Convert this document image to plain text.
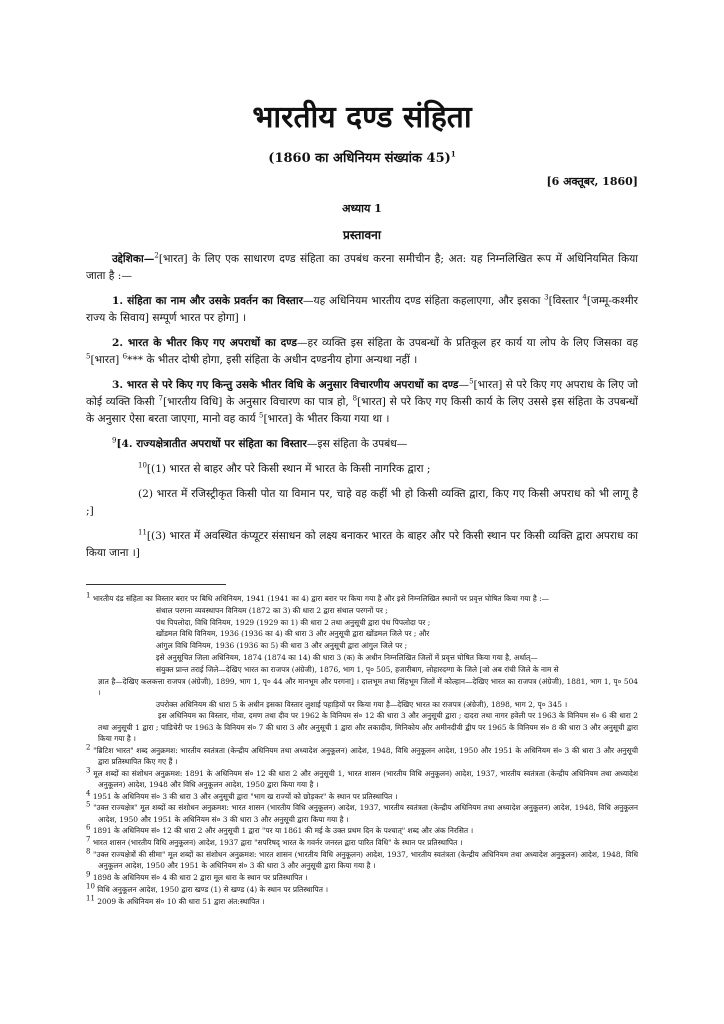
भारतीय दण्ड संहिता
(1860 का अधिनियम संख्यांक 45)$^1$
[6 अक्तूबर, 1860]
अध्याय 1
प्रस्तावना

उद्देशिका—$^2$[भारत] के लिए एक साधारण दण्ड संहिता का उपबंध करना समीचीन है; अत: यह निम्नलिखित रूप में अधिनियमित किया जाता है :—

1. संहिता का नाम और उसके प्रवर्तन का विस्तार—यह अधिनियम भारतीय दण्ड संहिता कहलाएगा, और इसका $^3$[विस्तार $^4$[जम्मू-कश्मीर राज्य के सिवाय] सम्पूर्ण भारत पर होगा] ।

2. भारत के भीतर किए गए अपराधों का दण्ड—हर व्यक्ति इस संहिता के उपबन्धों के प्रतिकूल हर कार्य या लोप के लिए जिसका वह $^5$[भारत] $^6$*** के भीतर दोषी होगा, इसी संहिता के अधीन दण्डनीय होगा अन्यथा नहीं ।

3. भारत से परे किए गए किन्तु उसके भीतर विधि के अनुसार विचारणीय अपराधों का दण्ड—$^5$[भारत] से परे किए गए अपराध के लिए जो कोई व्यक्ति किसी $^7$[भारतीय विधि] के अनुसार विचारण का पात्र हो, $^8$[भारत] से परे किए गए किसी कार्य के लिए उससे इस संहिता के उपबन्धों के अनुसार ऐसा बरता जाएगा, मानो वह कार्य $^5$[भारत] के भीतर किया गया था ।

$^9$[4. राज्यक्षेत्रातीत अपराधों पर संहिता का विस्तार—इस संहिता के उपबंध—

$^{10}$[(1) भारत से बाहर और परे किसी स्थान में भारत के किसी नागरिक द्वारा ;

(2) भारत में रजिस्ट्रीकृत किसी पोत या विमान पर, चाहे वह कहीं भी हो किसी व्यक्ति द्वारा, किए गए किसी अपराध को भी लागू है ;]

$^{11}$[(3) भारत में अवस्थित कंप्यूटर संसाधन को लक्ष्य बनाकर भारत के बाहर और परे किसी स्थान पर किसी व्यक्ति द्वारा अपराध का किया जाना ।]

$^1$ भारतीय दंड संहिता का विस्तार बरार पर बिधि अधिनियम, 1941 (1941 का 4) द्वारा बरार पर किया गया है और इसे निम्नलिखित स्थानों पर प्रवृत्त घोषित किया गया है :—

संथाल परगना व्यवस्थापन विनियम (1872 का 3) की धारा 2 द्वारा संथाल परगनों पर ;

पंथ पिपलोदा, विधि विनियम, 1929 (1929 का 1) की धारा 2 तथा अनुसूची द्वारा पंथ पिपलोदा पर ;

खोंडमल विधि विनियम, 1936 (1936 का 4) की धारा 3 और अनुसूची द्वारा खोंडमल जिले पर ; और

आंगुल विधि विनियम, 1936 (1936 का 5) की धारा 3 और अनुसूची द्वारा आंगुल जिले पर ;

इसे अनुसूचित जिला अधिनियम, 1874 (1874 का 14) की धारा 3 (क) के अधीन निम्नलिखित जिलों में प्रवृत्त घोषित किया गया है, अर्थात्—

संयुक्त प्रान्त तराई जिले—देखिए भारत का राजपत्र (अंग्रेजी), 1876, भाग 1, पृ० 505, हजारीबाग, लोहारदग्गा के जिले [जो अब रांची जिले के नाम से

ज्ञात है—देखिए कलकत्ता राजपत्र (अंग्रेजी), 1899, भाग 1, पृ० 44 और मानभूम और परगना] । दालभूम तथा सिंहभूम जिलों में कोल्हान—देखिए भारत का राजपत्र (अंग्रेजी), 1881, भाग 1, पृ० 504 ।

उपरोक्त अधिनियम की धारा 5 के अधीन इसका विस्तार लुशाई पहाड़ियों पर किया गया है—देखिए भारत का राजपत्र (अंग्रेजी), 1898, भाग 2, पृ० 345 ।

इस अधिनियम का विस्तार, गोवा, दमण तथा दीव पर 1962 के विनियम सं० 12 की धारा 3 और अनुसूची द्वारा ; दादरा तथा नागर हवेली पर 1963 के विनियम सं० 6 की धारा 2 तथा अनुसूची 1 द्वारा ; पांडिचेरी पर 1963 के विनियम सं० 7 की धारा 3 और अनुसूची 1 द्वारा और लकादीव, मिनिकोय और अमीनदीवी द्वीप पर 1965 के विनियम सं० 8 की धारा 3 और अनुसूची द्वारा किया गया है ।

$^2$ "ब्रिटिश भारत" शब्द अनुक्रमश: भारतीय स्वतंत्रता (केन्द्रीय अधिनियम तथा अध्यादेश अनुकूलन) आदेश, 1948, विधि अनुकूलन आदेश, 1950 और 1951 के अधिनियम सं० 3 की धारा 3 और अनुसूची द्वारा प्रतिस्थापित किए गए हैं ।

$^3$ मूल शब्दों का संशोधन अनुक्रमश: 1891 के अधिनियम सं० 12 की धारा 2 और अनुसूची 1, भारत शासन (भारतीय विधि अनुकूलन) आदेश, 1937, भारतीय स्वतंत्रता (केन्द्रीय अधिनियम तथा अध्यादेश अनुकूलन) आदेश, 1948 और विधि अनुकूलन आदेश, 1950 द्वारा किया गया है ।

$^4$ 1951 के अधिनियम सं० 3 की धारा 3 और अनुसूची द्वारा "भाग ख राज्यों को छोड़कर" के स्थान पर प्रतिस्थापित ।

$^5$ "उक्त राज्यक्षेत्र" मूल शब्दों का संशोधन अनुक्रमश: भारत शासन (भारतीय विधि अनुकूलन) आदेश, 1937, भारतीय स्वतंत्रता (केन्द्रीय अधिनियम तथा अध्यादेश अनुकूलन) आदेश, 1948, विधि अनुकूलन आदेश, 1950 और 1951 के अधिनियम सं० 3 की धारा 3 और अनुसूची द्वारा किया गया है ।

$^6$ 1891 के अधिनियम सं० 12 की धारा 2 और अनुसूची 1 द्वारा "पर या 1861 की मई के उक्त प्रथम दिन के पश्चात्" शब्द और अंक निरसित ।

$^7$ भारत शासन (भारतीय विधि अनुकूलन) आदेश, 1937 द्वारा "सपरिषद् भारत के गवर्नर जनरल द्वारा पारित विधि" के स्थान पर प्रतिस्थापित ।

$^8$ "उक्त राज्यक्षेत्रों की सीमा" मूल शब्दों का संशोधन अनुक्रमश: भारत शासन (भारतीय विधि अनुकूलन) आदेश, 1937, भारतीय स्वतंत्रता (केन्द्रीय अधिनियम तथा अध्यादेश अनुकूलन) आदेश, 1948, विधि अनुकूलन आदेश, 1950 और 1951 के अधिनियम सं० 3 की धारा 3 और अनुसूची द्वारा किया गया है ।

$^9$ 1898 के अधिनियम सं० 4 की धारा 2 द्वारा मूल धारा के स्थान पर प्रतिस्थापित ।

$^{10}$ विधि अनुकूलन आदेश, 1950 द्वारा खण्ड (1) से खण्ड (4) के स्थान पर प्रतिस्थापित ।

$^{11}$ 2009 के अधिनियम सं० 10 की धारा 51 द्वारा अंत:स्थापित ।
